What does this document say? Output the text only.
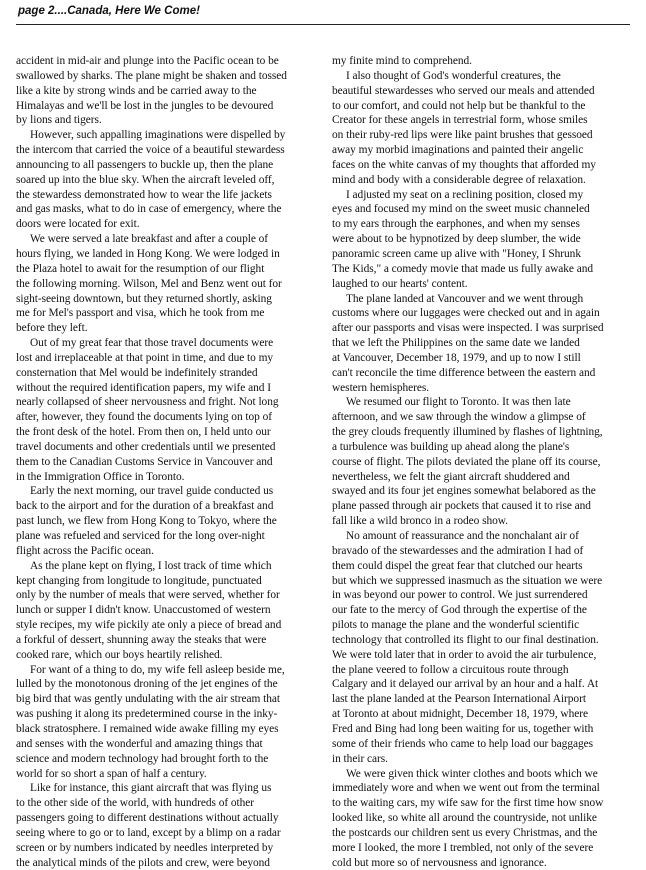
page 2....Canada, Here We Come!

accident in mid-air and plunge into the Pacific ocean to be
swallowed by sharks. The plane might be shaken and tossed
like a kite by strong winds and be carried away to the
Himalayas and we'll be lost in the jungles to be devoured
by lions and tigers.

However, such appalling imaginations were dispelled by
the intercom that carried the voice of a beautiful stewardess
announcing to all passengers to buckle up, then the plane
soared up into the blue sky. When the aircraft leveled off,
the stewardess demonstrated how to wear the life jackets
and gas masks, what to do in case of emergency, where the
doors were located for exit.

We were served a late breakfast and after a couple of
hours flying, we landed in Hong Kong. We were lodged in
the Plaza hotel to await for the resumption of our flight
the following morning. Wilson, Mel and Benz went out for
sight-seeing downtown, but they returned shortly, asking
me for Mel's passport and visa, which he took from me
before they left.

Out of my great fear that those travel documents were
lost and irreplaceable at that point in time, and due to my
consternation that Mel would be indefinitely stranded
without the required identification papers, my wife and I
nearly collapsed of sheer nervousness and fright. Not long
after, however, they found the documents lying on top of
the front desk of the hotel. From then on, I held unto our
travel documents and other credentials until we presented
them to the Canadian Customs Service in Vancouver and
in the Immigration Office in Toronto.

Early the next morning, our travel guide conducted us
back to the airport and for the duration of a breakfast and
past lunch, we flew from Hong Kong to Tokyo, where the
plane was refueled and serviced for the long over-night
flight across the Pacific ocean.

As the plane kept on flying, I lost track of time which
kept changing from longitude to longitude, punctuated
only by the number of meals that were served, whether for
lunch or supper I didn't know. Unaccustomed of western
style recipes, my wife pickily ate only a piece of bread and
a forkful of dessert, shunning away the steaks that were
cooked rare, which our boys heartily relished.

For want of a thing to do, my wife fell asleep beside me,
lulled by the monotonous droning of the jet engines of the
big bird that was gently undulating with the air stream that
was pushing it along its predetermined course in the inky-
black stratosphere. I remained wide awake filling my eyes
and senses with the wonderful and amazing things that
science and modern technology had brought forth to the
world for so short a span of half a century.

Like for instance, this giant aircraft that was flying us
to the other side of the world, with hundreds of other
passengers going to different destinations without actually
seeing where to go or to land, except by a blimp on a radar
screen or by numbers indicated by needles interpreted by
the analytical minds of the pilots and crew, were beyond

my finite mind to comprehend.

I also thought of God's wonderful creatures, the
beautiful stewardesses who served our meals and attended
to our comfort, and could not help but be thankful to the
Creator for these angels in terrestrial form, whose smiles
on their ruby-red lips were like paint brushes that gessoed
away my morbid imaginations and painted their angelic
faces on the white canvas of my thoughts that afforded my
mind and body with a considerable degree of relaxation.

I adjusted my seat on a reclining position, closed my
eyes and focused my mind on the sweet music channeled
to my ears through the earphones, and when my senses
were about to be hypnotized by deep slumber, the wide
panoramic screen came up alive with "Honey, I Shrunk
The Kids," a comedy movie that made us fully awake and
laughed to our hearts' content.

The plane landed at Vancouver and we went through
customs where our luggages were checked out and in again
after our passports and visas were inspected. I was surprised
that we left the Philippines on the same date we landed
at Vancouver, December 18, 1979, and up to now I still
can't reconcile the time difference between the eastern and
western hemispheres.

We resumed our flight to Toronto. It was then late
afternoon, and we saw through the window a glimpse of
the grey clouds frequently illumined by flashes of lightning,
a turbulence was building up ahead along the plane's
course of flight. The pilots deviated the plane off its course,
nevertheless, we felt the giant aircraft shuddered and
swayed and its four jet engines somewhat belabored as the
plane passed through air pockets that caused it to rise and
fall like a wild bronco in a rodeo show.

No amount of reassurance and the nonchalant air of
bravado of the stewardesses and the admiration I had of
them could dispel the great fear that clutched our hearts
but which we suppressed inasmuch as the situation we were
in was beyond our power to control. We just surrendered
our fate to the mercy of God through the expertise of the
pilots to manage the plane and the wonderful scientific
technology that controlled its flight to our final destination.
We were told later that in order to avoid the air turbulence,
the plane veered to follow a circuitous route through
Calgary and it delayed our arrival by an hour and a half. At
last the plane landed at the Pearson International Airport
at Toronto at about midnight, December 18, 1979, where
Fred and Bing had long been waiting for us, together with
some of their friends who came to help load our baggages
in their cars.

We were given thick winter clothes and boots which we
immediately wore and when we went out from the terminal
to the waiting cars, my wife saw for the first time how snow
looked like, so white all around the countryside, not unlike
the postcards our children sent us every Christmas, and the
more I looked, the more I trembled, not only of the severe
cold but more so of nervousness and ignorance.
